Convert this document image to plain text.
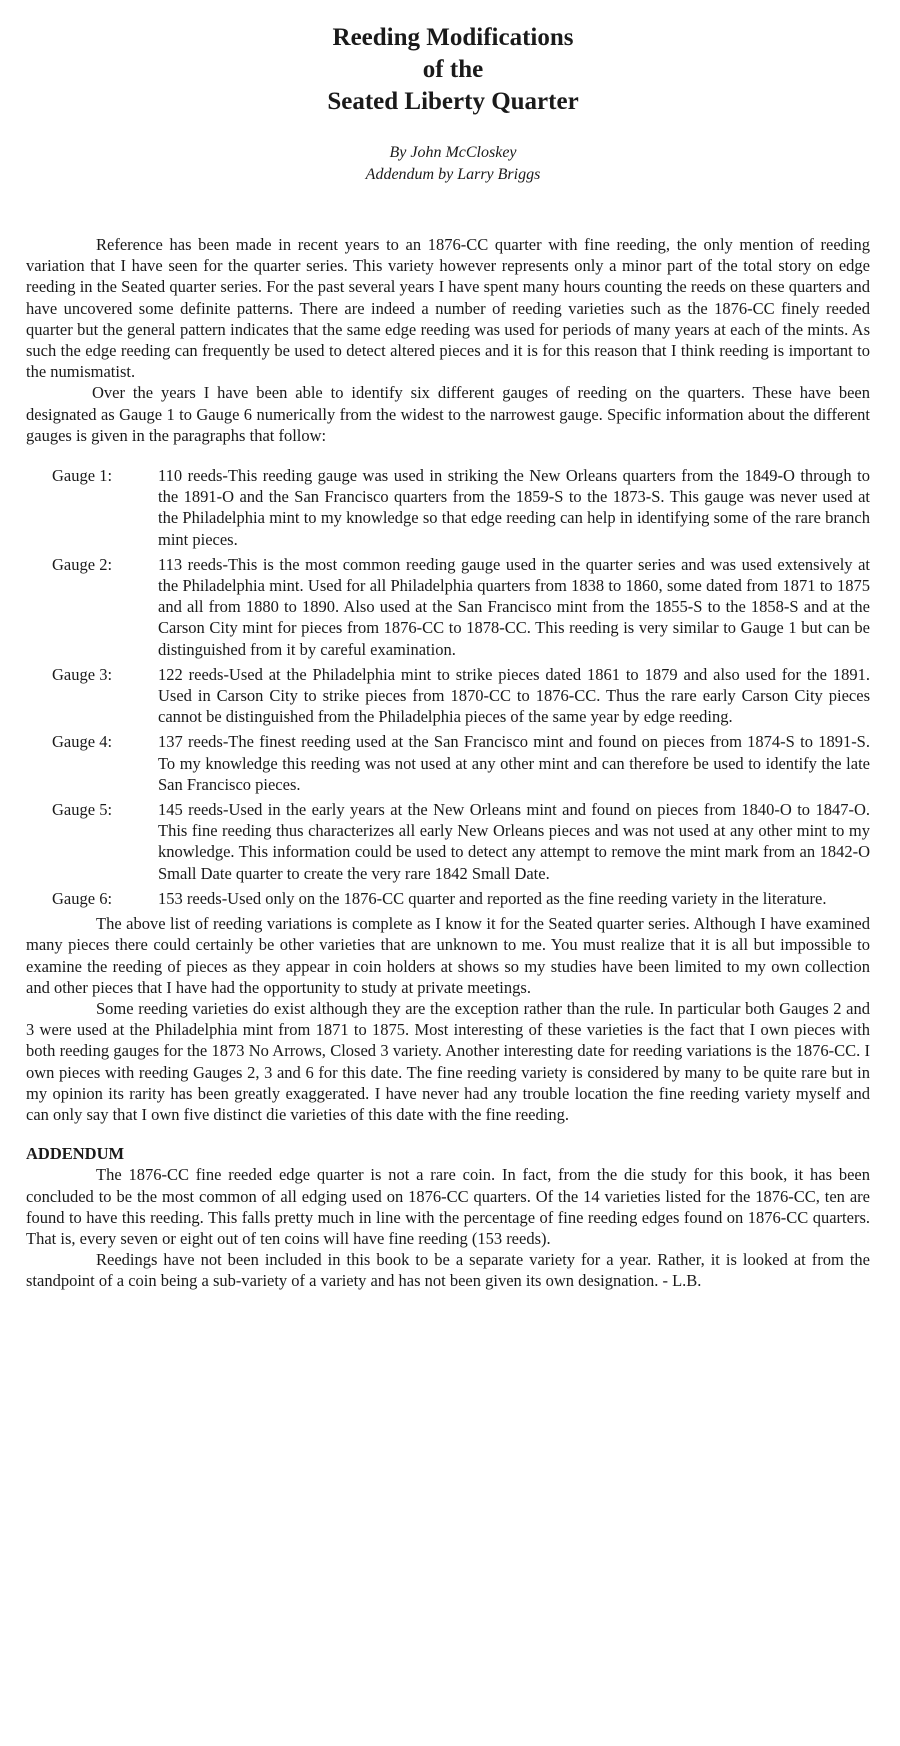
Reeding Modifications
of the
Seated Liberty Quarter
By John McCloskey
Addendum by Larry Briggs

Reference has been made in recent years to an 1876-CC quarter with fine reeding, the only mention of reeding variation that I have seen for the quarter series. This variety however represents only a minor part of the total story on edge reeding in the Seated quarter series. For the past several years I have spent many hours counting the reeds on these quarters and have uncovered some definite patterns. There are indeed a number of reeding varieties such as the 1876-CC finely reeded quarter but the general pattern indicates that the same edge reeding was used for periods of many years at each of the mints. As such the edge reeding can frequently be used to detect altered pieces and it is for this reason that I think reeding is important to the numismatist.

Over the years I have been able to identify six different gauges of reeding on the quarters. These have been designated as Gauge 1 to Gauge 6 numerically from the widest to the narrowest gauge. Specific information about the different gauges is given in the paragraphs that follow:

Gauge 1:	110 reeds-This reeding gauge was used in striking the New Orleans quarters from the 1849-O through to the 1891-O and the San Francisco quarters from the 1859-S to the 1873-S. This gauge was never used at the Philadelphia mint to my knowledge so that edge reeding can help in identifying some of the rare branch mint pieces.
Gauge 2:	113 reeds-This is the most common reeding gauge used in the quarter series and was used extensively at the Philadelphia mint. Used for all Philadelphia quarters from 1838 to 1860, some dated from 1871 to 1875 and all from 1880 to 1890. Also used at the San Francisco mint from the 1855-S to the 1858-S and at the Carson City mint for pieces from 1876-CC to 1878-CC. This reeding is very similar to Gauge 1 but can be distinguished from it by careful examination.
Gauge 3:	122 reeds-Used at the Philadelphia mint to strike pieces dated 1861 to 1879 and also used for the 1891. Used in Carson City to strike pieces from 1870-CC to 1876-CC. Thus the rare early Carson City pieces cannot be distinguished from the Philadelphia pieces of the same year by edge reeding.
Gauge 4:	137 reeds-The finest reeding used at the San Francisco mint and found on pieces from 1874-S to 1891-S. To my knowledge this reeding was not used at any other mint and can therefore be used to identify the late San Francisco pieces.
Gauge 5:	145 reeds-Used in the early years at the New Orleans mint and found on pieces from 1840-O to 1847-O. This fine reeding thus characterizes all early New Orleans pieces and was not used at any other mint to my knowledge. This information could be used to detect any attempt to remove the mint mark from an 1842-O Small Date quarter to create the very rare 1842 Small Date.
Gauge 6:	153 reeds-Used only on the 1876-CC quarter and reported as the fine reeding variety in the literature.

The above list of reeding variations is complete as I know it for the Seated quarter series. Although I have examined many pieces there could certainly be other varieties that are unknown to me. You must realize that it is all but impossible to examine the reeding of pieces as they appear in coin holders at shows so my studies have been limited to my own collection and other pieces that I have had the opportunity to study at private meetings.

Some reeding varieties do exist although they are the exception rather than the rule. In particular both Gauges 2 and 3 were used at the Philadelphia mint from 1871 to 1875. Most interesting of these varieties is the fact that I own pieces with both reeding gauges for the 1873 No Arrows, Closed 3 variety. Another interesting date for reeding variations is the 1876-CC. I own pieces with reeding Gauges 2, 3 and 6 for this date. The fine reeding variety is considered by many to be quite rare but in my opinion its rarity has been greatly exaggerated. I have never had any trouble location the fine reeding variety myself and can only say that I own five distinct die varieties of this date with the fine reeding.

ADDENDUM

The 1876-CC fine reeded edge quarter is not a rare coin. In fact, from the die study for this book, it has been concluded to be the most common of all edging used on 1876-CC quarters. Of the 14 varieties listed for the 1876-CC, ten are found to have this reeding. This falls pretty much in line with the percentage of fine reeding edges found on 1876-CC quarters. That is, every seven or eight out of ten coins will have fine reeding (153 reeds).

Reedings have not been included in this book to be a separate variety for a year. Rather, it is looked at from the standpoint of a coin being a sub-variety of a variety and has not been given its own designation. - L.B.
